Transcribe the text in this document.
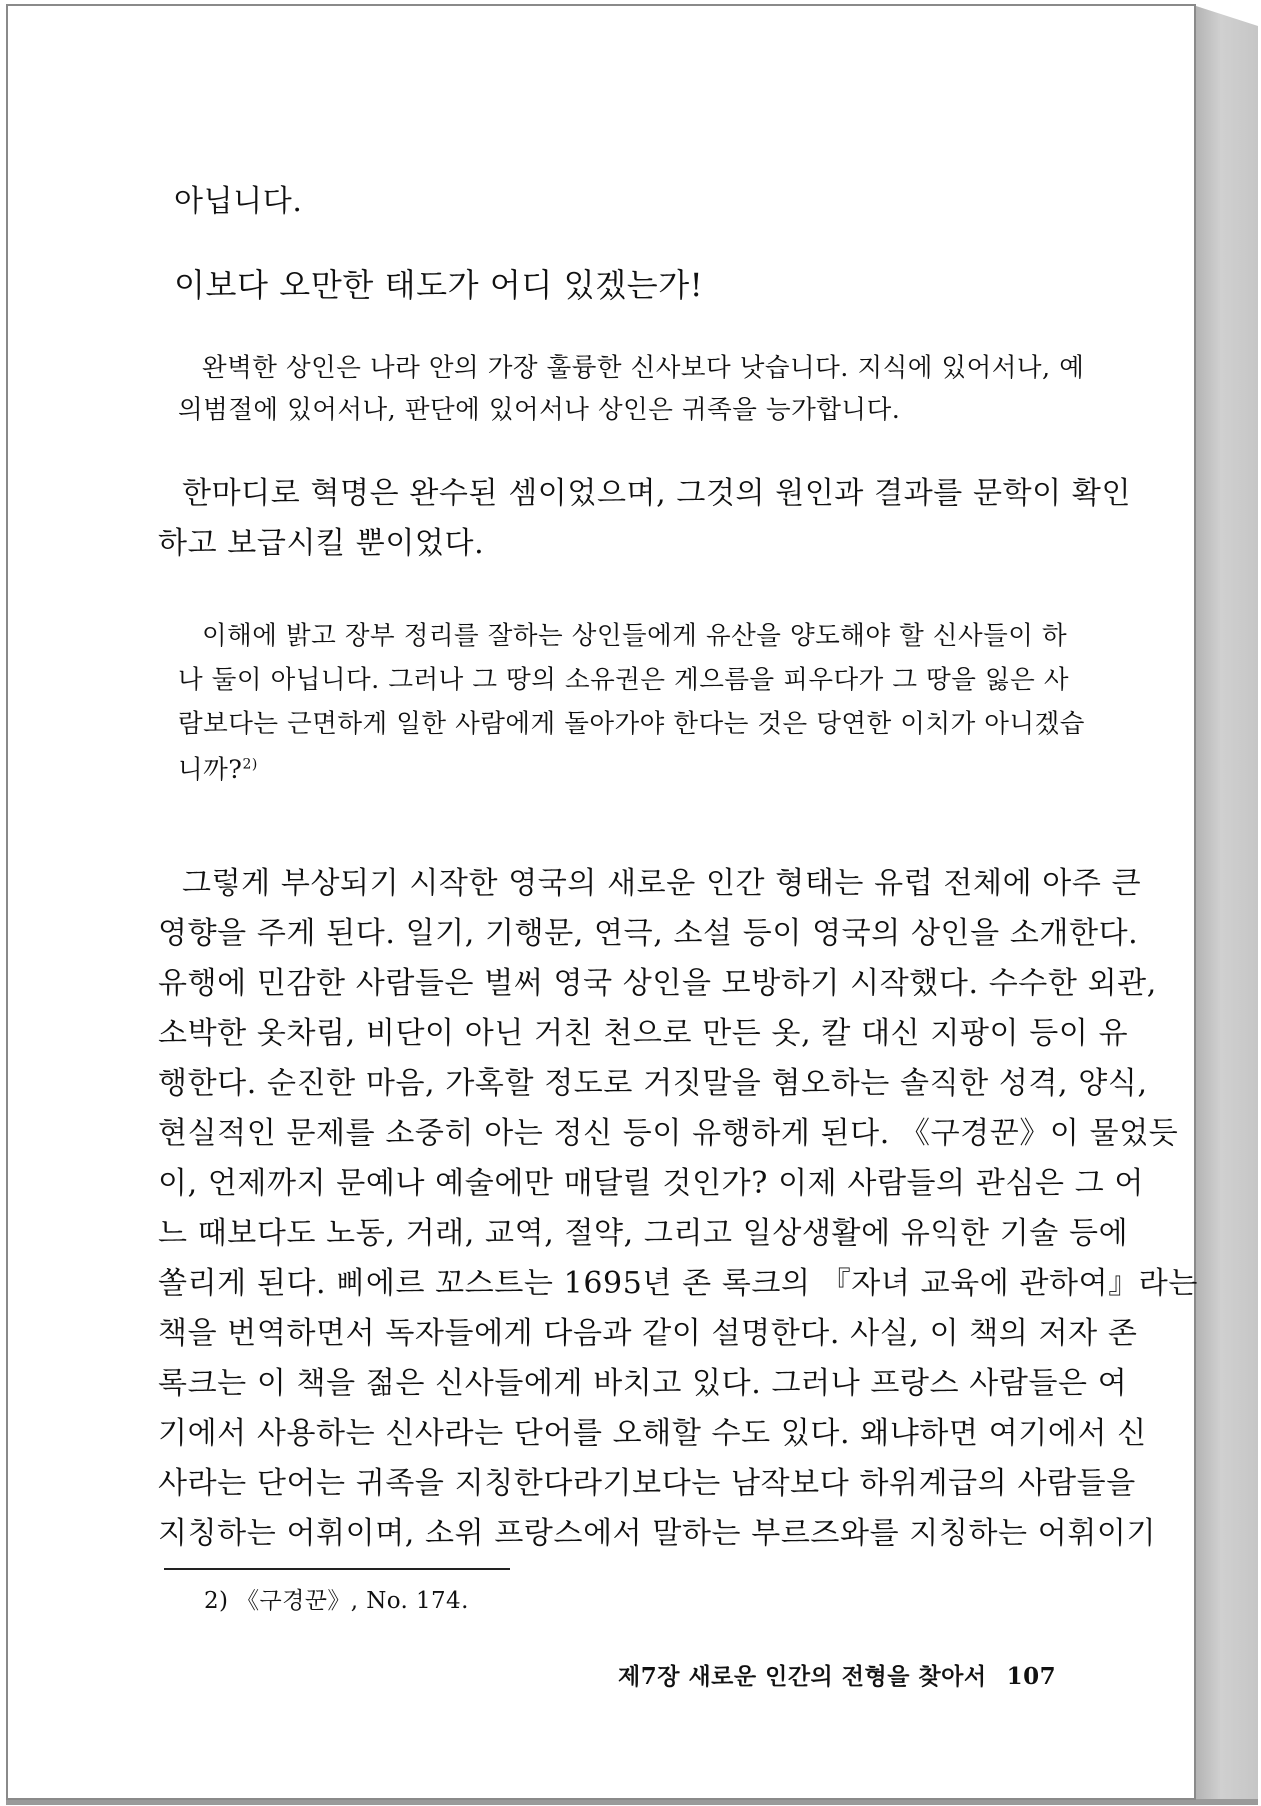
아닙니다.
이보다 오만한 태도가 어디 있겠는가!
완벽한 상인은 나라 안의 가장 훌륭한 신사보다 낫습니다. 지식에 있어서나, 예
의범절에 있어서나, 판단에 있어서나 상인은 귀족을 능가합니다.
한마디로 혁명은 완수된 셈이었으며, 그것의 원인과 결과를 문학이 확인
하고 보급시킬 뿐이었다.
이해에 밝고 장부 정리를 잘하는 상인들에게 유산을 양도해야 할 신사들이 하
나 둘이 아닙니다. 그러나 그 땅의 소유권은 게으름을 피우다가 그 땅을 잃은 사
람보다는 근면하게 일한 사람에게 돌아가야 한다는 것은 당연한 이치가 아니겠습
니까?$^{2)}$
그렇게 부상되기 시작한 영국의 새로운 인간 형태는 유럽 전체에 아주 큰
영향을 주게 된다. 일기, 기행문, 연극, 소설 등이 영국의 상인을 소개한다.
유행에 민감한 사람들은 벌써 영국 상인을 모방하기 시작했다. 수수한 외관,
소박한 옷차림, 비단이 아닌 거친 천으로 만든 옷, 칼 대신 지팡이 등이 유
행한다. 순진한 마음, 가혹할 정도로 거짓말을 혐오하는 솔직한 성격, 양식,
현실적인 문제를 소중히 아는 정신 등이 유행하게 된다. 《구경꾼》이 물었듯
이, 언제까지 문예나 예술에만 매달릴 것인가? 이제 사람들의 관심은 그 어
느 때보다도 노동, 거래, 교역, 절약, 그리고 일상생활에 유익한 기술 등에
쏠리게 된다. 삐에르 꼬스트는 1695년 존 록크의 『자녀 교육에 관하여』라는
책을 번역하면서 독자들에게 다음과 같이 설명한다. 사실, 이 책의 저자 존
록크는 이 책을 젊은 신사들에게 바치고 있다. 그러나 프랑스 사람들은 여
기에서 사용하는 신사라는 단어를 오해할 수도 있다. 왜냐하면 여기에서 신
사라는 단어는 귀족을 지칭한다라기보다는 남작보다 하위계급의 사람들을
지칭하는 어휘이며, 소위 프랑스에서 말하는 부르즈와를 지칭하는 어휘이기
2) 《구경꾼》, No. 174.
제7장 새로운 인간의 전형을 찾아서 107
